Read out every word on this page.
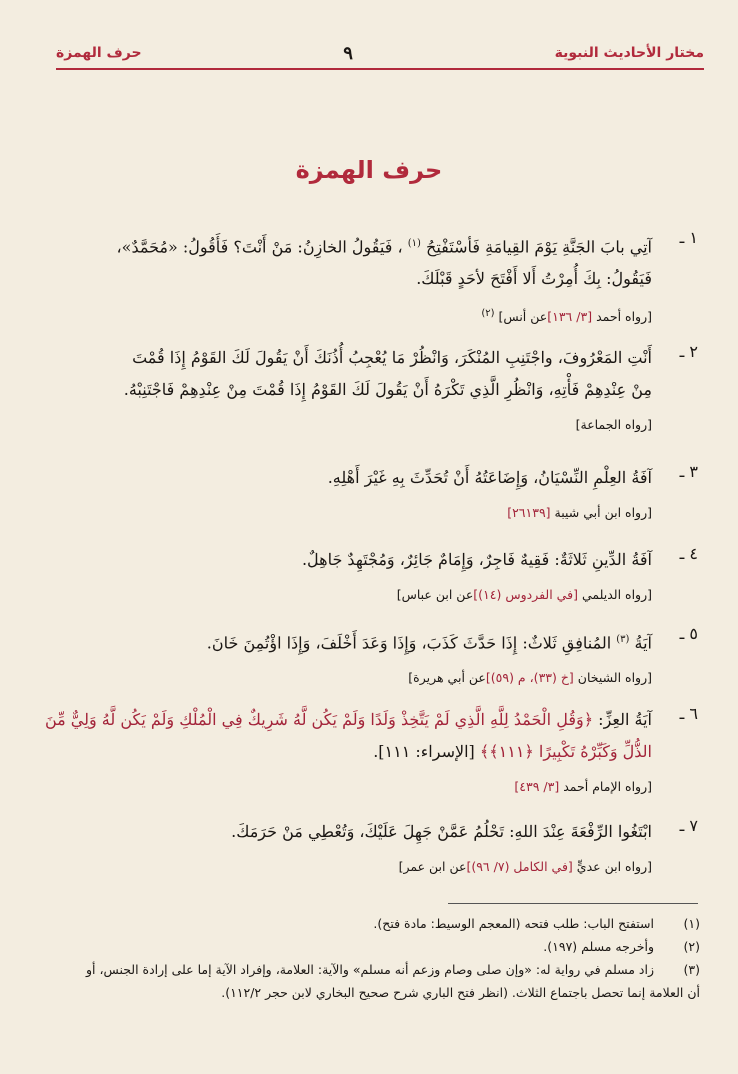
مختار الأحاديث النبوية
٩
حرف الهمزة
حرف الهمزة
١ ـ
آتِي بابَ الجَنَّةِ يَوْمَ القِيامَةِ فَأسْتَفْتِحُ $^{(١)}$ ، فَيَقُولُ الخازِنُ: مَنْ أَنْتَ؟ فَأَقُولُ: «مُحَمَّدٌ»،
فَيَقُولُ: بِكَ أُمِرْتُ أَلا أَفْتَحَ لأحَدٍ قَبْلَكَ.
[رواه أحمد [٣/ ١٣٦]عن أنس] $^{(٢)}$
٢ ـ
أَنْتِ المَعْرُوفَ، واجْتَنِبِ المُنْكَرَ، وَانْظُرْ مَا يُعْجِبُ أُذُنَكَ أَنْ يَقُولَ لَكَ القَوْمُ إِذَا قُمْتَ
مِنْ عِنْدِهِمْ فَأْتِهِ، وَانْظُرِ الَّذِي تَكْرَهُ أَنْ يَقُولَ لَكَ القَوْمُ إِذَا قُمْتَ مِنْ عِنْدِهِمْ فَاجْتَنِبْهُ.
[رواه الجماعة]
٣ ـ
آفَةُ العِلْمِ النِّسْيَانُ، وَإِضَاعَتُهُ أَنْ تُحَدِّثَ بِهِ غَيْرَ أَهْلِهِ.
[رواه ابن أبي شيبة [٢٦١٣٩]
٤ ـ
آفَةُ الدِّينِ ثَلاثَةٌ: فَقِيهٌ فَاجِرٌ، وَإِمَامٌ جَائِرٌ، وَمُجْتَهِدٌ جَاهِلٌ.
[رواه الديلمي [في الفردوس (١٤)]عن ابن عباس]
٥ ـ
آيَةُ $^{(٣)}$ المُنافِقِ ثَلاثٌ: إِذَا حَدَّثَ كَذَبَ، وَإِذَا وَعَدَ أَخْلَفَ، وَإِذَا اؤْتُمِنَ خَانَ.
[رواه الشيخان [خ (٣٣)، م (٥٩)]عن أبي هريرة]
٦ ـ
آيَةُ العِزِّ: ﴿وَقُلِ الْحَمْدُ لِلَّهِ الَّذِي لَمْ يَتَّخِذْ وَلَدًا وَلَمْ يَكُن لَّهُ شَرِيكٌ فِي الْمُلْكِ وَلَمْ يَكُن لَّهُ وَلِيٌّ مِّنَ
الذُّلِّ وَكَبِّرْهُ تَكْبِيرًا ﴿١١١﴾﴾ [الإسراء: ١١١].
[رواه الإمام أحمد [٣/ ٤٣٩]
٧ ـ
ابْتَغُوا الرِّفْعَةَ عِنْدَ اللهِ: تَحْلُمُ عَمَّنْ جَهِلَ عَلَيْكَ، وَتُعْطِي مَنْ حَرَمَكَ.
[رواه ابن عديٍّ [في الكامل (٧/ ٩٦)]عن ابن عمر]
(١)
استفتح الباب: طلب فتحه (المعجم الوسيط: مادة فتح).
(٢)
وأخرجه مسلم (١٩٧).
(٣)
زاد مسلم في رواية له: «وإن صلى وصام وزعم أنه مسلم» والآية: العلامة، وإفراد الآية إما على إرادة الجنس، أو
أن العلامة إنما تحصل باجتماع الثلاث. (انظر فتح الباري شرح صحيح البخاري لابن حجر ١١٢/٢).
